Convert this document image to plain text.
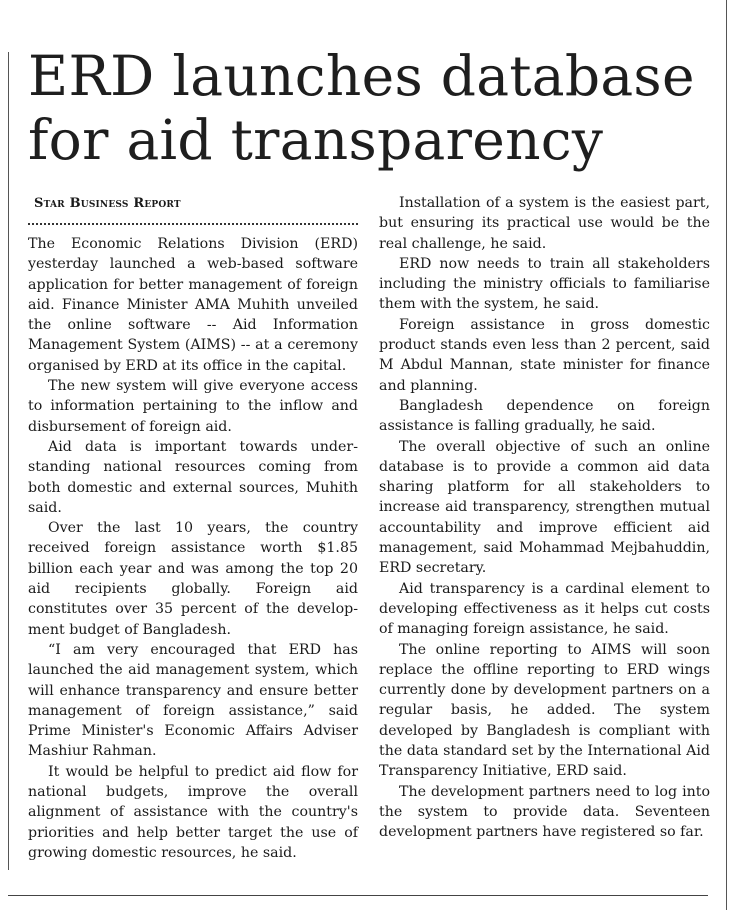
ERD launches database for aid transparency
Star Business Report

The Economic Relations Division (ERD) yesterday launched a web-based software application for better management of foreign aid. Finance Minister AMA Muhith unveiled the online software -- Aid Information Management System (AIMS) -- at a ceremony organised by ERD at its office in the capital.

The new system will give everyone access to information pertaining to the inflow and disbursement of foreign aid.

Aid data is important towards understanding national resources coming from both domestic and external sources, Muhith said.

Over the last 10 years, the country received foreign assistance worth $1.85 billion each year and was among the top 20 aid recipients globally. Foreign aid constitutes over 35 percent of the development budget of Bangladesh.

“I am very encouraged that ERD has launched the aid management system, which will enhance transparency and ensure better management of foreign assistance,” said Prime Minister's Economic Affairs Adviser Mashiur Rahman.

It would be helpful to predict aid flow for national budgets, improve the overall alignment of assistance with the country's priorities and help better target the use of growing domestic resources, he said.

Installation of a system is the easiest part, but ensuring its practical use would be the real challenge, he said.

ERD now needs to train all stakeholders including the ministry officials to familiarise them with the system, he said.

Foreign assistance in gross domestic product stands even less than 2 percent, said M Abdul Mannan, state minister for finance and planning.

Bangladesh dependence on foreign assistance is falling gradually, he said.

The overall objective of such an online database is to provide a common aid data sharing platform for all stakeholders to increase aid transparency, strengthen mutual accountability and improve efficient aid management, said Mohammad Mejbahuddin, ERD secretary.

Aid transparency is a cardinal element to developing effectiveness as it helps cut costs of managing foreign assistance, he said.

The online reporting to AIMS will soon replace the offline reporting to ERD wings currently done by development partners on a regular basis, he added. The system developed by Bangladesh is compliant with the data standard set by the International Aid Transparency Initiative, ERD said.

The development partners need to log into the system to provide data. Seventeen development partners have registered so far.
